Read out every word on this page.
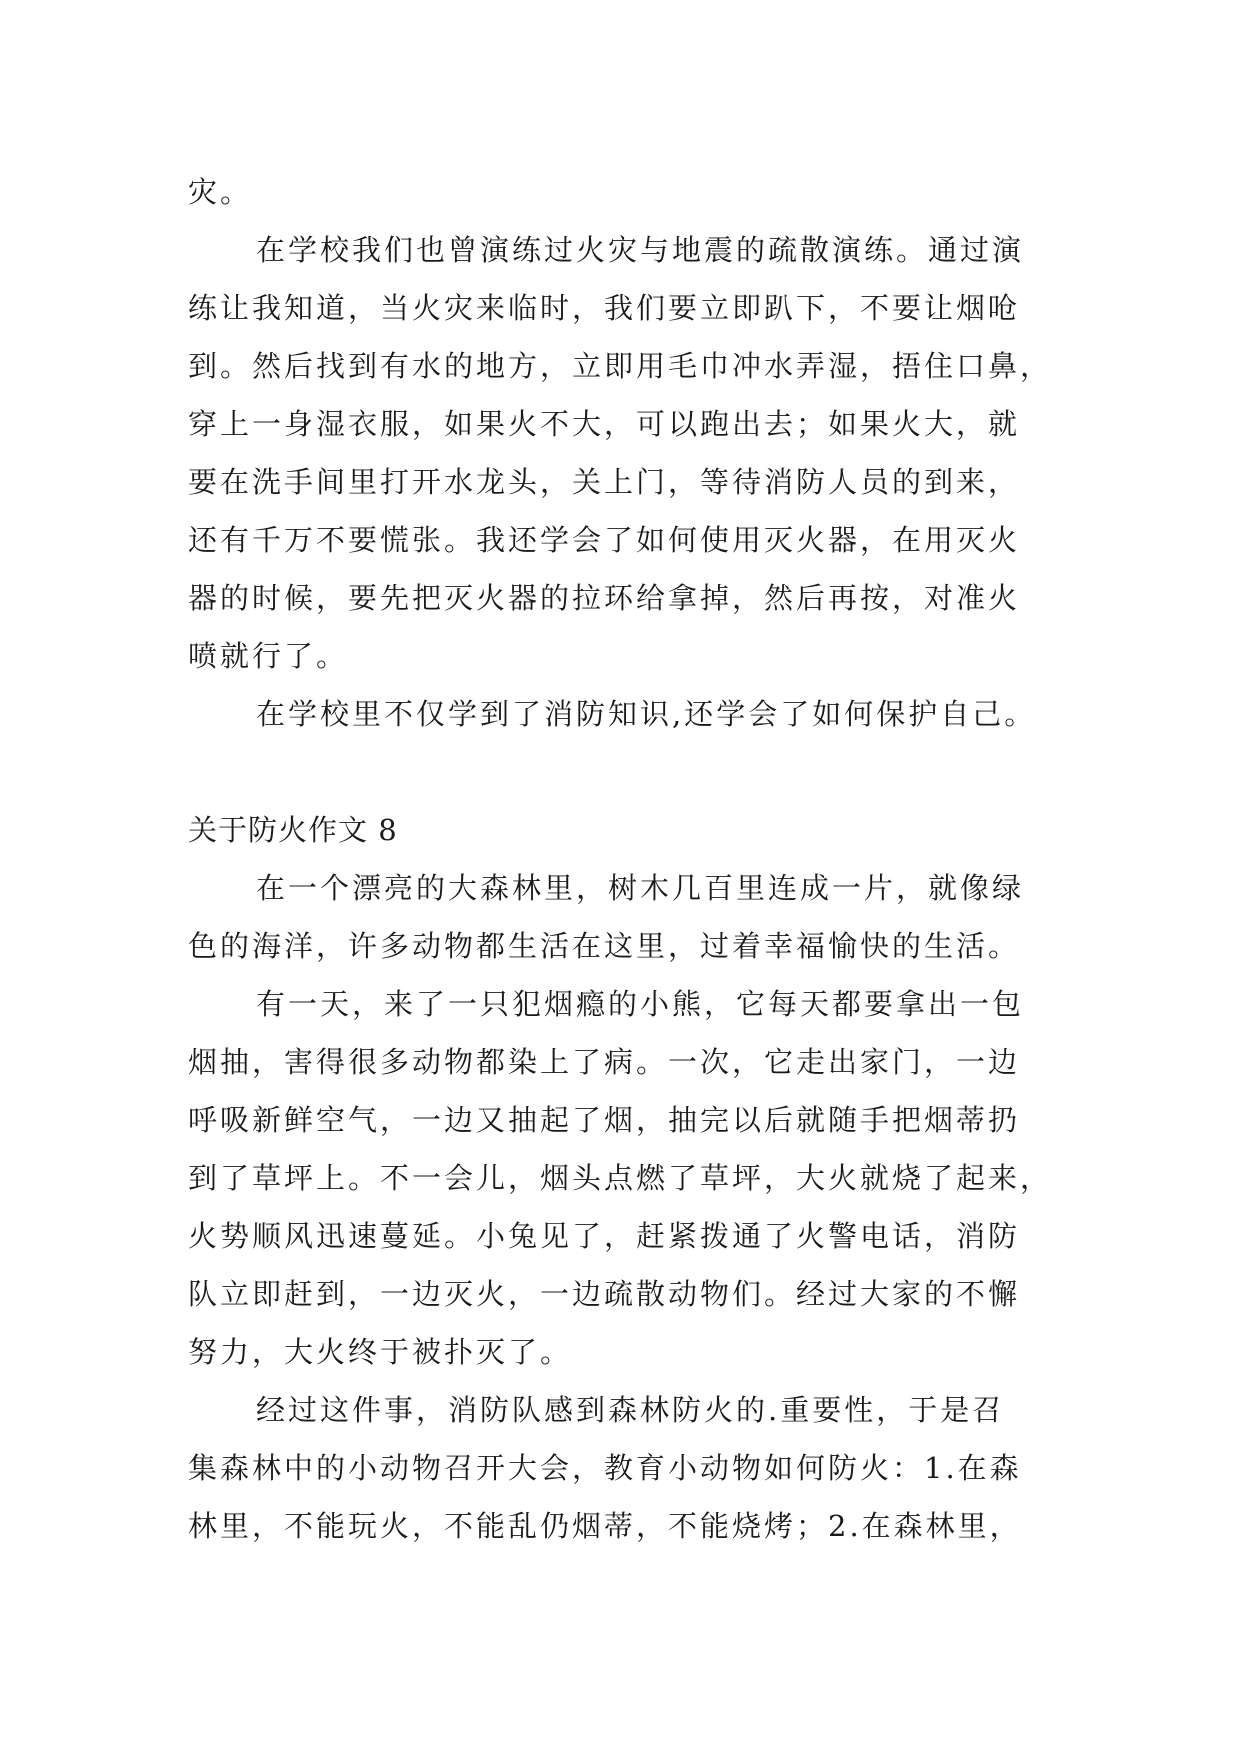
灾。
在学校我们也曾演练过火灾与地震的疏散演练。通过演
练让我知道，当火灾来临时，我们要立即趴下，不要让烟呛
到。然后找到有水的地方，立即用毛巾冲水弄湿，捂住口鼻，
穿上一身湿衣服，如果火不大，可以跑出去；如果火大，就
要在洗手间里打开水龙头，关上门，等待消防人员的到来，
还有千万不要慌张。我还学会了如何使用灭火器，在用灭火
器的时候，要先把灭火器的拉环给拿掉，然后再按，对准火
喷就行了。
在学校里不仅学到了消防知识,还学会了如何保护自己。
关于防火作文 8
在一个漂亮的大森林里，树木几百里连成一片，就像绿
色的海洋，许多动物都生活在这里，过着幸福愉快的生活。
有一天，来了一只犯烟瘾的小熊，它每天都要拿出一包
烟抽，害得很多动物都染上了病。一次，它走出家门，一边
呼吸新鲜空气，一边又抽起了烟，抽完以后就随手把烟蒂扔
到了草坪上。不一会儿，烟头点燃了草坪，大火就烧了起来，
火势顺风迅速蔓延。小兔见了，赶紧拨通了火警电话，消防
队立即赶到，一边灭火，一边疏散动物们。经过大家的不懈
努力，大火终于被扑灭了。
经过这件事，消防队感到森林防火的.重要性，于是召
集森林中的小动物召开大会，教育小动物如何防火：1.在森
林里，不能玩火，不能乱仍烟蒂，不能烧烤；2.在森林里，
